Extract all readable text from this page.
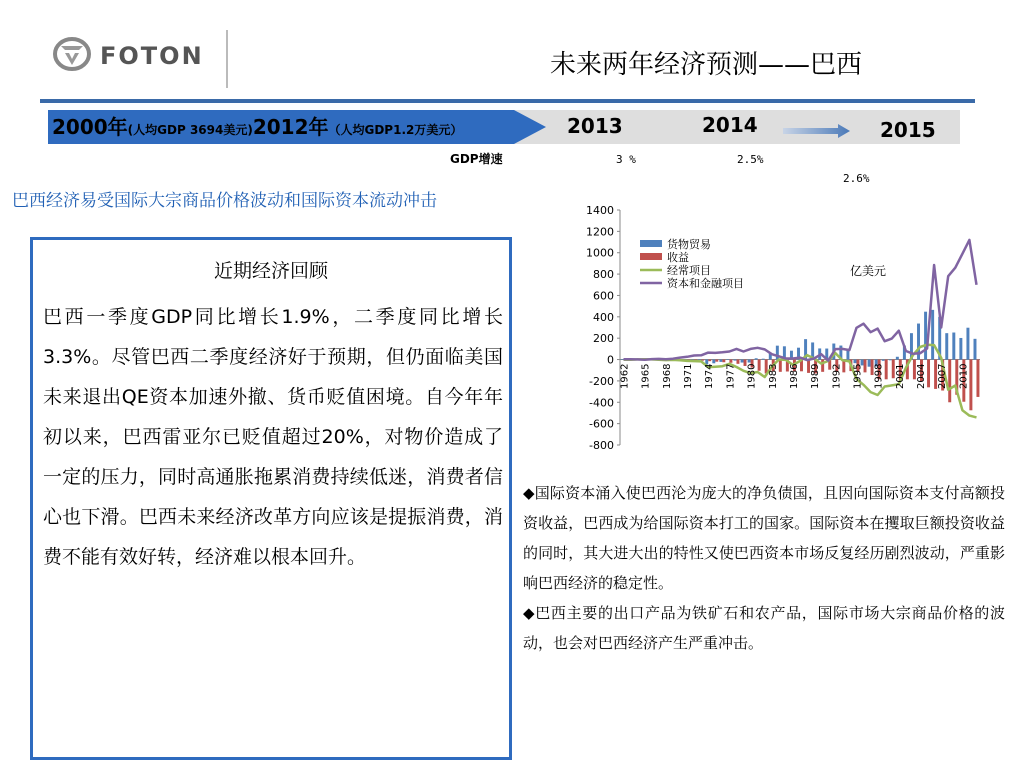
FOTON	未来两年经济预测——巴西
2000年(人均GDP 3694美元)2012年（人均GDP1.2万美元）	2013	2014	2015
GDP增速	3 %	2.5%
2.6%
巴西经济易受国际大宗商品价格波动和国际资本流动冲击
近期经济回顾
巴西一季度GDP同比增长1.9%，二季度同比增长3.3%。尽管巴西二季度经济好于预期，但仍面临美国未来退出QE资本加速外撤、货币贬值困境。自今年年初以来，巴西雷亚尔已贬值超过20%，对物价造成了一定的压力，同时高通胀拖累消费持续低迷，消费者信心也下滑。巴西未来经济改革方向应该是提振消费，消费不能有效好转，经济难以根本回升。
1400
1200
1000
800
600
400
200
0
-200
-400
-600
-800
1962 1965 1968 1971 1974 1977 1980 1983 1986 1989 1992 1995 1998 2001 2004 2007 2010
货物贸易
收益
经常项目
资本和金融项目
亿美元
◆国际资本涌入使巴西沦为庞大的净负债国，且因向国际资本支付高额投资收益，巴西成为给国际资本打工的国家。国际资本在攫取巨额投资收益的同时，其大进大出的特性又使巴西资本市场反复经历剧烈波动，严重影响巴西经济的稳定性。
◆巴西主要的出口产品为铁矿石和农产品，国际市场大宗商品价格的波动，也会对巴西经济产生严重冲击。
